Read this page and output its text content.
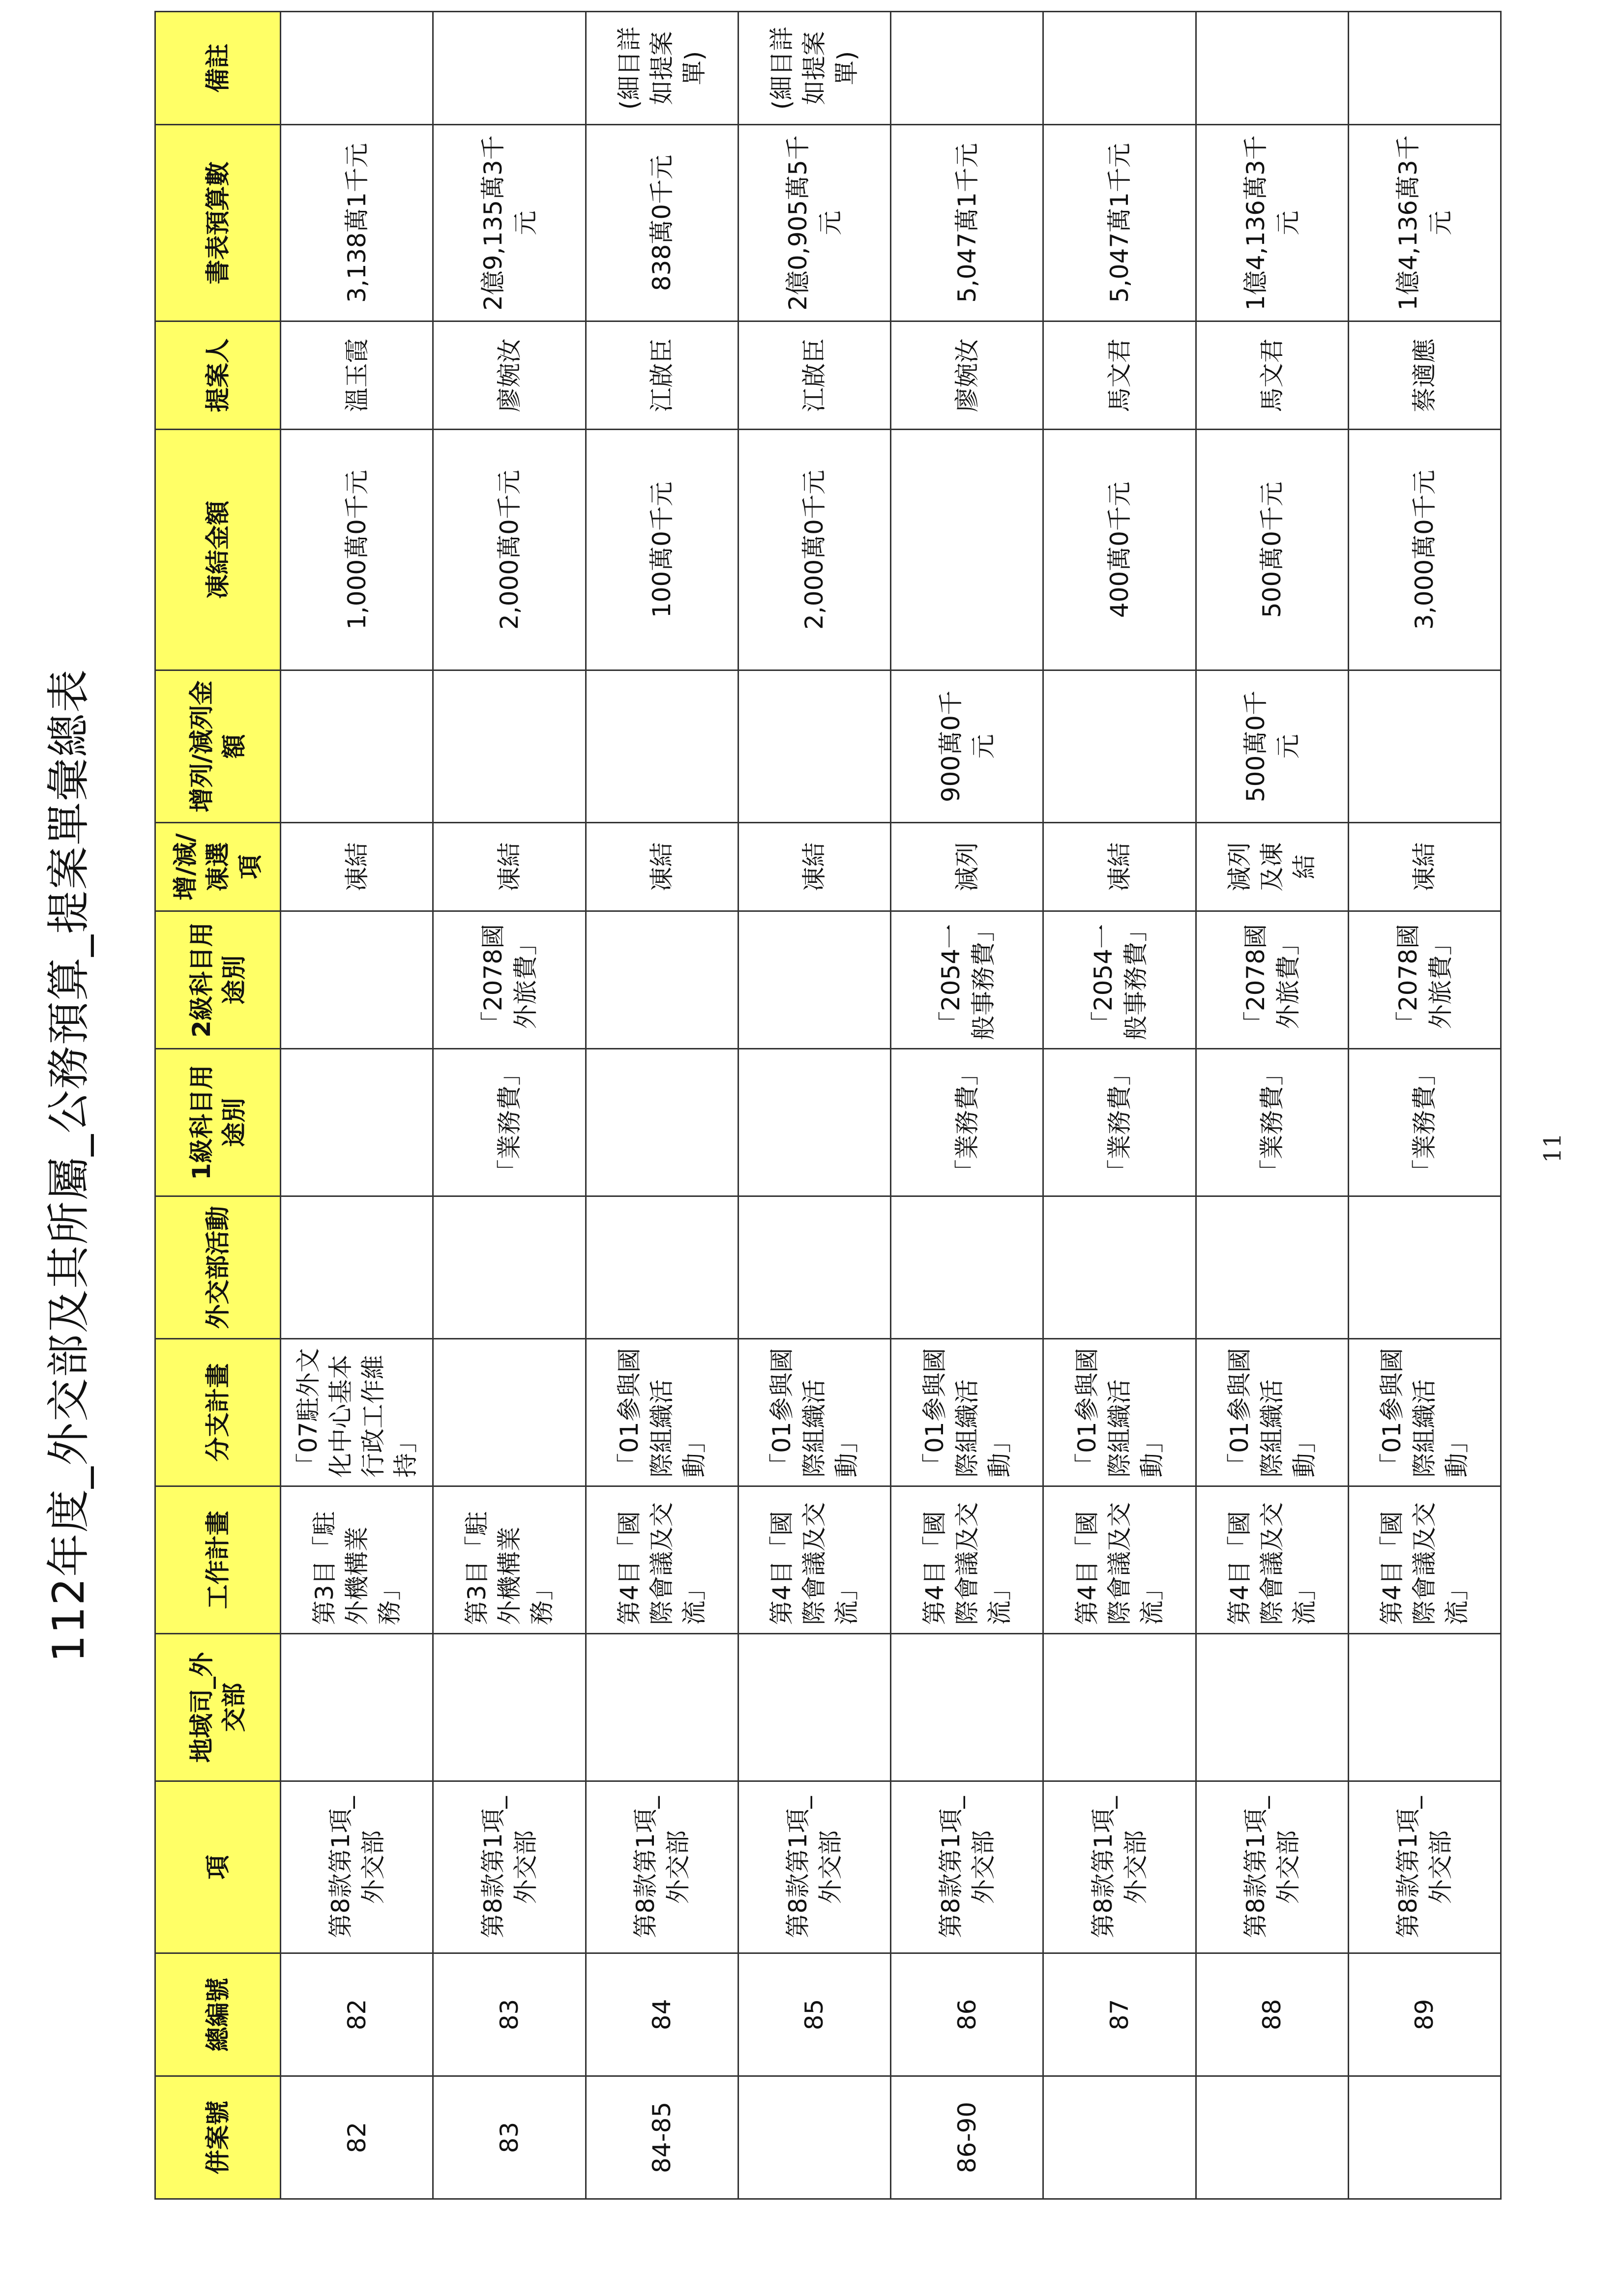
112年度_外交部及其所屬_公務預算_提案單彙總表
併案號	總編號	項	地域司_外交部	工作計畫	分支計畫	外交部活動	1級科目用途別	2級科目用途別	增/減/凍選項	增列/減列金額	凍結金額	提案人	書表預算數	備註
82	82	第8款第1項_外交部		第3目「駐外機構業務」	「07駐外文化中心基本行政工作維持」				凍結		1,000萬0千元	溫玉霞	3,138萬1千元	
83	83	第8款第1項_外交部		第3目「駐外機構業務」			「業務費」	「2078國外旅費」	凍結		2,000萬0千元	廖婉汝	2億9,135萬3千元	
84-85	84	第8款第1項_外交部		第4目「國際會議及交流」	「01參與國際組織活動」				凍結		100萬0千元	江啟臣	838萬0千元	(細目詳如提案單)
	85	第8款第1項_外交部		第4目「國際會議及交流」	「01參與國際組織活動」				凍結		2,000萬0千元	江啟臣	2億0,905萬5千元	(細目詳如提案單)
86-90	86	第8款第1項_外交部		第4目「國際會議及交流」	「01參與國際組織活動」		「業務費」	「2054一般事務費」	減列	900萬0千元		廖婉汝	5,047萬1千元	
	87	第8款第1項_外交部		第4目「國際會議及交流」	「01參與國際組織活動」		「業務費」	「2054一般事務費」	凍結		400萬0千元	馬文君	5,047萬1千元	
	88	第8款第1項_外交部		第4目「國際會議及交流」	「01參與國際組織活動」		「業務費」	「2078國外旅費」	減列及凍結	500萬0千元	500萬0千元	馬文君	1億4,136萬3千元	
	89	第8款第1項_外交部		第4目「國際會議及交流」	「01參與國際組織活動」		「業務費」	「2078國外旅費」	凍結		3,000萬0千元	蔡適應	1億4,136萬3千元	
11
